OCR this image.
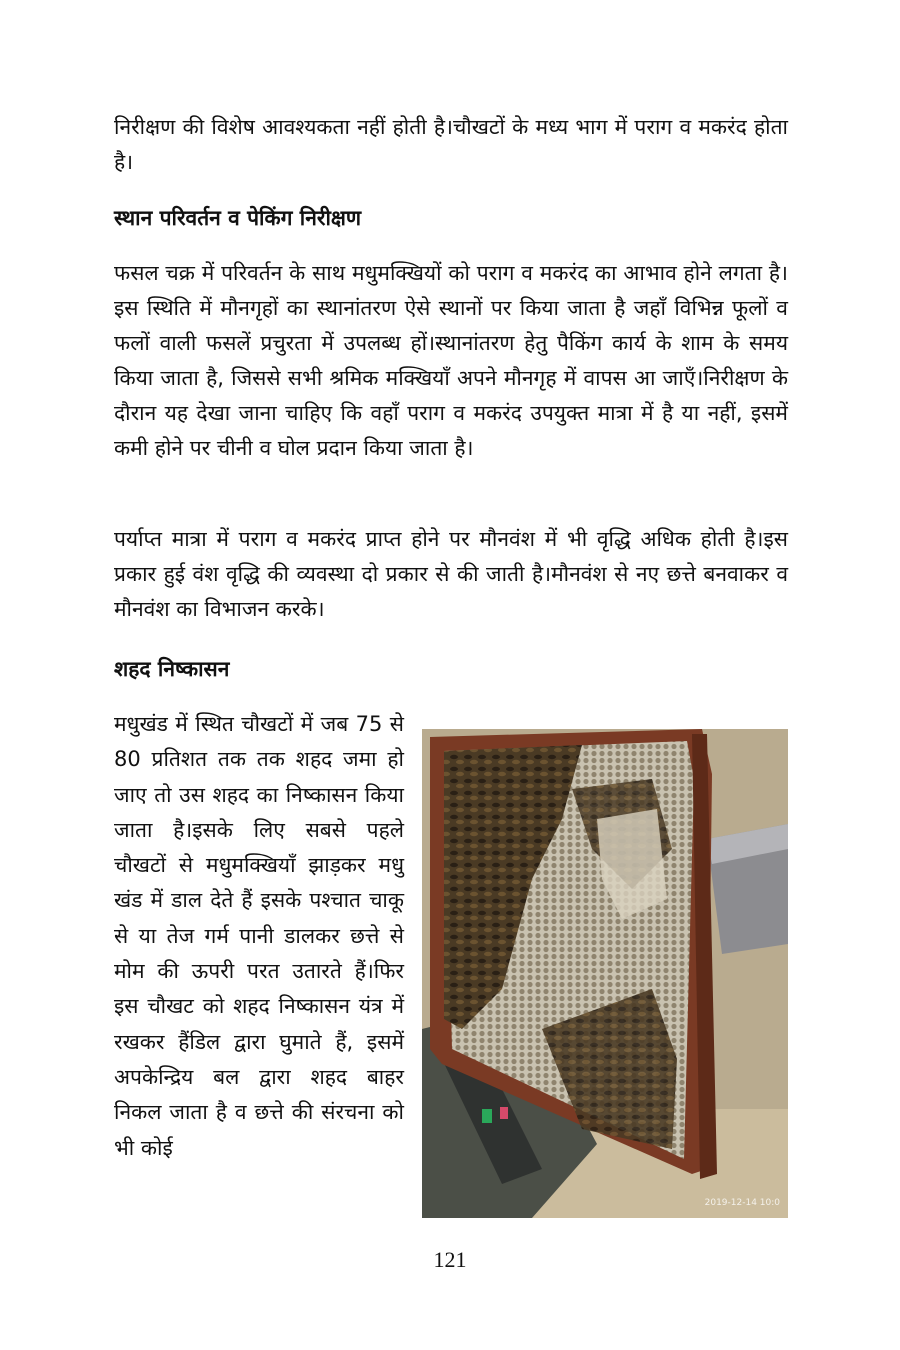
निरीक्षण की विशेष आवश्यकता नहीं होती है।चौखटों के मध्य भाग में पराग व मकरंद होता है।

स्थान परिवर्तन व पेकिंग निरीक्षण

फसल चक्र में परिवर्तन के साथ मधुमक्खियों को पराग व मकरंद का आभाव होने लगता है।इस स्थिति में मौनगृहों का स्थानांतरण ऐसे स्थानों पर किया जाता है जहाँ विभिन्न फूलों व फलों वाली फसलें प्रचुरता में उपलब्ध हों।स्थानांतरण हेतु पैकिंग कार्य के शाम के समय किया जाता है, जिससे सभी श्रमिक मक्खियाँ अपने मौनगृह में वापस आ जाएँ।निरीक्षण के दौरान यह देखा जाना चाहिए कि वहाँ पराग व मकरंद उपयुक्त मात्रा में है या नहीं, इसमें कमी होने पर चीनी व घोल प्रदान किया जाता है।

पर्याप्त मात्रा में पराग व मकरंद प्राप्त होने पर मौनवंश में भी वृद्धि अधिक होती है।इस प्रकार हुई वंश वृद्धि की व्यवस्था दो प्रकार से की जाती है।मौनवंश से नए छत्ते बनवाकर व मौनवंश का विभाजन करके।

शहद निष्कासन

मधुखंड में स्थित चौखटों में जब 75 से 80 प्रतिशत तक तक शहद जमा हो जाए तो उस शहद का निष्कासन किया जाता है।इसके लिए सबसे पहले चौखटों से मधुमक्खियाँ झाड़कर मधु खंड में डाल देते हैं इसके पश्चात चाकू से या तेज गर्म पानी डालकर छत्ते से मोम की ऊपरी परत उतारते हैं।फिर इस चौखट को शहद निष्कासन यंत्र में रखकर हैंडिल द्वारा घुमाते हैं, इसमें अपकेन्द्रिय बल द्वारा शहद बाहर निकल जाता है व छत्ते की संरचना को भी कोई

2019-12-14 10:0
121
